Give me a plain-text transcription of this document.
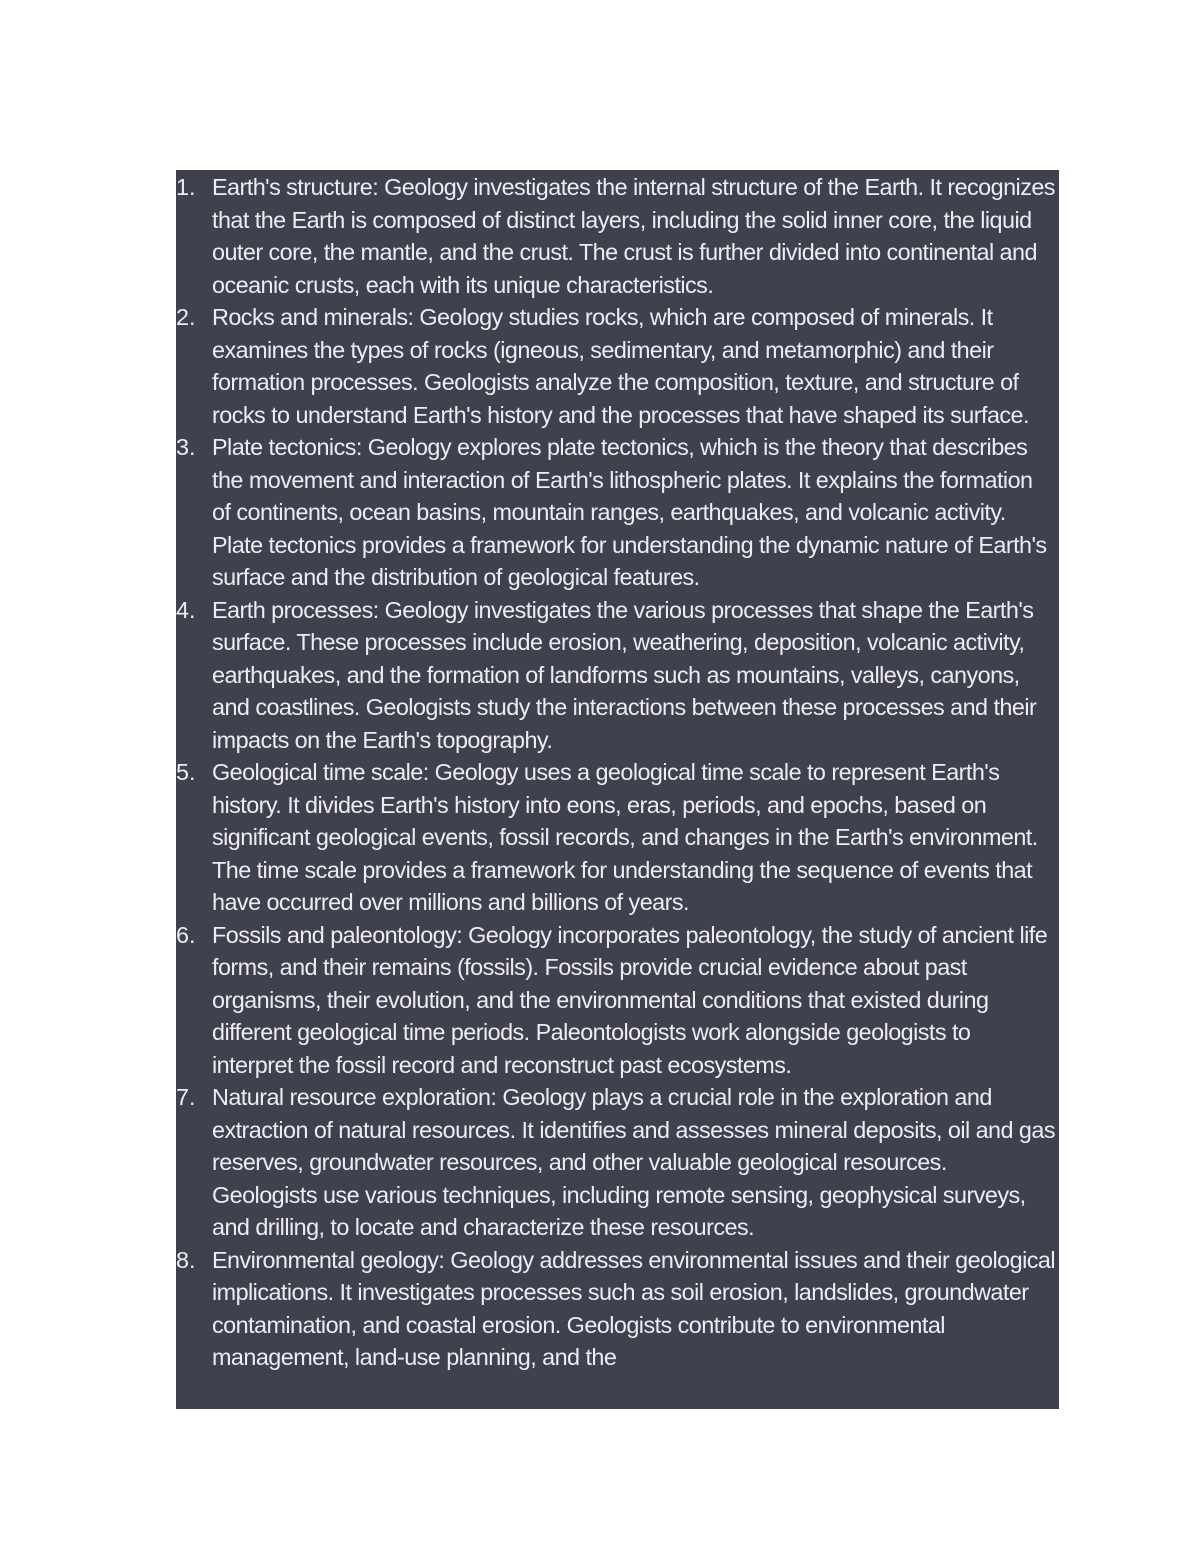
1. Earth's structure: Geology investigates the internal structure of the Earth. It recognizes that the Earth is composed of distinct layers, including the solid inner core, the liquid outer core, the mantle, and the crust. The crust is further divided into continental and oceanic crusts, each with its unique characteristics.
2. Rocks and minerals: Geology studies rocks, which are composed of minerals. It examines the types of rocks (igneous, sedimentary, and metamorphic) and their formation processes. Geologists analyze the composition, texture, and structure of rocks to understand Earth's history and the processes that have shaped its surface.
3. Plate tectonics: Geology explores plate tectonics, which is the theory that describes the movement and interaction of Earth's lithospheric plates. It explains the formation of continents, ocean basins, mountain ranges, earthquakes, and volcanic activity. Plate tectonics provides a framework for understanding the dynamic nature of Earth's surface and the distribution of geological features.
4. Earth processes: Geology investigates the various processes that shape the Earth's surface. These processes include erosion, weathering, deposition, volcanic activity, earthquakes, and the formation of landforms such as mountains, valleys, canyons, and coastlines. Geologists study the interactions between these processes and their impacts on the Earth's topography.
5. Geological time scale: Geology uses a geological time scale to represent Earth's history. It divides Earth's history into eons, eras, periods, and epochs, based on significant geological events, fossil records, and changes in the Earth's environment. The time scale provides a framework for understanding the sequence of events that have occurred over millions and billions of years.
6. Fossils and paleontology: Geology incorporates paleontology, the study of ancient life forms, and their remains (fossils). Fossils provide crucial evidence about past organisms, their evolution, and the environmental conditions that existed during different geological time periods. Paleontologists work alongside geologists to interpret the fossil record and reconstruct past ecosystems.
7. Natural resource exploration: Geology plays a crucial role in the exploration and extraction of natural resources. It identifies and assesses mineral deposits, oil and gas reserves, groundwater resources, and other valuable geological resources. Geologists use various techniques, including remote sensing, geophysical surveys, and drilling, to locate and characterize these resources.
8. Environmental geology: Geology addresses environmental issues and their geological implications. It investigates processes such as soil erosion, landslides, groundwater contamination, and coastal erosion. Geologists contribute to environmental management, land-use planning, and the
